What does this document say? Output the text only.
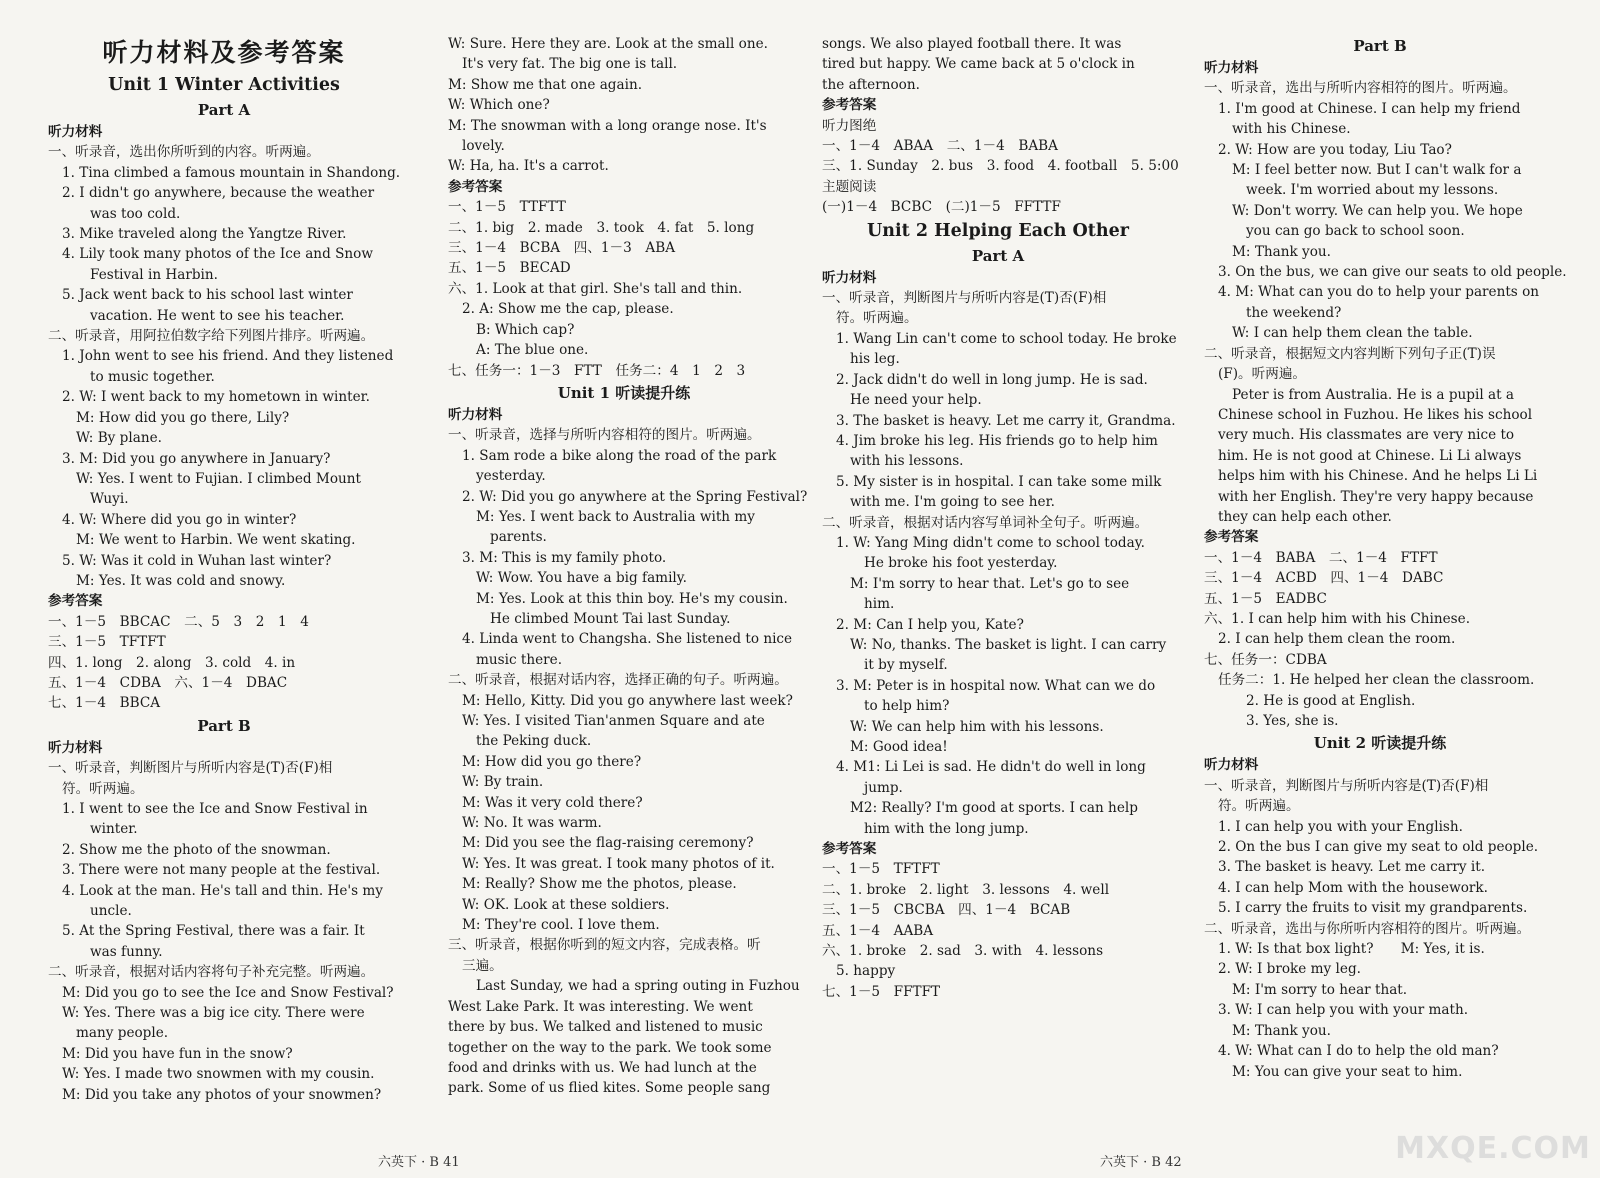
听力材料及参考答案

Unit 1 Winter Activities

Part A

听力材料

一、听录音，选出你所听到的内容。听两遍。

1. Tina climbed a famous mountain in Shandong.

2. I didn't go anywhere, because the weather

was too cold.

3. Mike traveled along the Yangtze River.

4. Lily took many photos of the Ice and Snow

Festival in Harbin.

5. Jack went back to his school last winter

vacation. He went to see his teacher.

二、听录音，用阿拉伯数字给下列图片排序。听两遍。

1. John went to see his friend. And they listened

to music together.

2. W: I went back to my hometown in winter.

M: How did you go there, Lily?

W: By plane.

3. M: Did you go anywhere in January?

W: Yes. I went to Fujian. I climbed Mount

Wuyi.

4. W: Where did you go in winter?

M: We went to Harbin. We went skating.

5. W: Was it cold in Wuhan last winter?

M: Yes. It was cold and snowy.

参考答案

一、1－5　BBCAC　二、5　3　2　1　4

三、1－5　TFTFT

四、1. long　2. along　3. cold　4. in

五、1－4　CDBA　六、1－4　DBAC

七、1－4　BBCA

Part B

听力材料

一、听录音，判断图片与所听内容是(T)否(F)相

符。听两遍。

1. I went to see the Ice and Snow Festival in

winter.

2. Show me the photo of the snowman.

3. There were not many people at the festival.

4. Look at the man. He's tall and thin. He's my

uncle.

5. At the Spring Festival, there was a fair. It

was funny.

二、听录音，根据对话内容将句子补充完整。听两遍。

M: Did you go to see the Ice and Snow Festival?

W: Yes. There was a big ice city. There were

many people.

M: Did you have fun in the snow?

W: Yes. I made two snowmen with my cousin.

M: Did you take any photos of your snowmen?

W: Sure. Here they are. Look at the small one.

It's very fat. The big one is tall.

M: Show me that one again.

W: Which one?

M: The snowman with a long orange nose. It's

lovely.

W: Ha, ha. It's a carrot.

参考答案

一、1－5　TTFTT

二、1. big　2. made　3. took　4. fat　5. long

三、1－4　BCBA　四、1－3　ABA

五、1－5　BECAD

六、1. Look at that girl. She's tall and thin.

2. A: Show me the cap, please.

B: Which cap?

A: The blue one.

七、任务一：1－3　FTT　任务二：4　1　2　3

Unit 1 听读提升练

听力材料

一、听录音，选择与所听内容相符的图片。听两遍。

1. Sam rode a bike along the road of the park

yesterday.

2. W: Did you go anywhere at the Spring Festival?

M: Yes. I went back to Australia with my

parents.

3. M: This is my family photo.

W: Wow. You have a big family.

M: Yes. Look at this thin boy. He's my cousin.

He climbed Mount Tai last Sunday.

4. Linda went to Changsha. She listened to nice

music there.

二、听录音，根据对话内容，选择正确的句子。听两遍。

M: Hello, Kitty. Did you go anywhere last week?

W: Yes. I visited Tian'anmen Square and ate

the Peking duck.

M: How did you go there?

W: By train.

M: Was it very cold there?

W: No. It was warm.

M: Did you see the flag-raising ceremony?

W: Yes. It was great. I took many photos of it.

M: Really? Show me the photos, please.

W: OK. Look at these soldiers.

M: They're cool. I love them.

三、听录音，根据你听到的短文内容，完成表格。听

三遍。

Last Sunday, we had a spring outing in Fuzhou

West Lake Park. It was interesting. We went

there by bus. We talked and listened to music

together on the way to the park. We took some

food and drinks with us. We had lunch at the

park. Some of us flied kites. Some people sang

songs. We also played football there. It was

tired but happy. We came back at 5 o'clock in

the afternoon.

参考答案

听力图绝

一、1－4　ABAA　二、1－4　BABA

三、1. Sunday　2. bus　3. food　4. football　5. 5:00

主题阅读

(一)1－4　BCBC　(二)1－5　FFTTF

Unit 2 Helping Each Other

Part A

听力材料

一、听录音，判断图片与所听内容是(T)否(F)相

符。听两遍。

1. Wang Lin can't come to school today. He broke

his leg.

2. Jack didn't do well in long jump. He is sad.

He need your help.

3. The basket is heavy. Let me carry it, Grandma.

4. Jim broke his leg. His friends go to help him

with his lessons.

5. My sister is in hospital. I can take some milk

with me. I'm going to see her.

二、听录音，根据对话内容写单词补全句子。听两遍。

1. W: Yang Ming didn't come to school today.

He broke his foot yesterday.

M: I'm sorry to hear that. Let's go to see

him.

2. M: Can I help you, Kate?

W: No, thanks. The basket is light. I can carry

it by myself.

3. M: Peter is in hospital now. What can we do

to help him?

W: We can help him with his lessons.

M: Good idea!

4. M1: Li Lei is sad. He didn't do well in long

jump.

M2: Really? I'm good at sports. I can help

him with the long jump.

参考答案

一、1－5　TFTFT

二、1. broke　2. light　3. lessons　4. well

三、1－5　CBCBA　四、1－4　BCAB

五、1－4　AABA

六、1. broke　2. sad　3. with　4. lessons

5. happy

七、1－5　FFTFT

Part B

听力材料

一、听录音，选出与所听内容相符的图片。听两遍。

1. I'm good at Chinese. I can help my friend

with his Chinese.

2. W: How are you today, Liu Tao?

M: I feel better now. But I can't walk for a

week. I'm worried about my lessons.

W: Don't worry. We can help you. We hope

you can go back to school soon.

M: Thank you.

3. On the bus, we can give our seats to old people.

4. M: What can you do to help your parents on

the weekend?

W: I can help them clean the table.

二、听录音，根据短文内容判断下列句子正(T)误

(F)。听两遍。

Peter is from Australia. He is a pupil at a

Chinese school in Fuzhou. He likes his school

very much. His classmates are very nice to

him. He is not good at Chinese. Li Li always

helps him with his Chinese. And he helps Li Li

with her English. They're very happy because

they can help each other.

参考答案

一、1－4　BABA　二、1－4　FTFT

三、1－4　ACBD　四、1－4　DABC

五、1－5　EADBC

六、1. I can help him with his Chinese.

2. I can help them clean the room.

七、任务一：CDBA

任务二：1. He helped her clean the classroom.

2. He is good at English.

3. Yes, she is.

Unit 2 听读提升练

听力材料

一、听录音，判断图片与所听内容是(T)否(F)相

符。听两遍。

1. I can help you with your English.

2. On the bus I can give my seat to old people.

3. The basket is heavy. Let me carry it.

4. I can help Mom with the housework.

5. I carry the fruits to visit my grandparents.

二、听录音，选出与你所听内容相符的图片。听两遍。

1. W: Is that box light?　　M: Yes, it is.

2. W: I broke my leg.

M: I'm sorry to hear that.

3. W: I can help you with your math.

M: Thank you.

4. W: What can I do to help the old man?

M: You can give your seat to him.

六英下 · B 41	六英下 · B 42	MXQE.COM
